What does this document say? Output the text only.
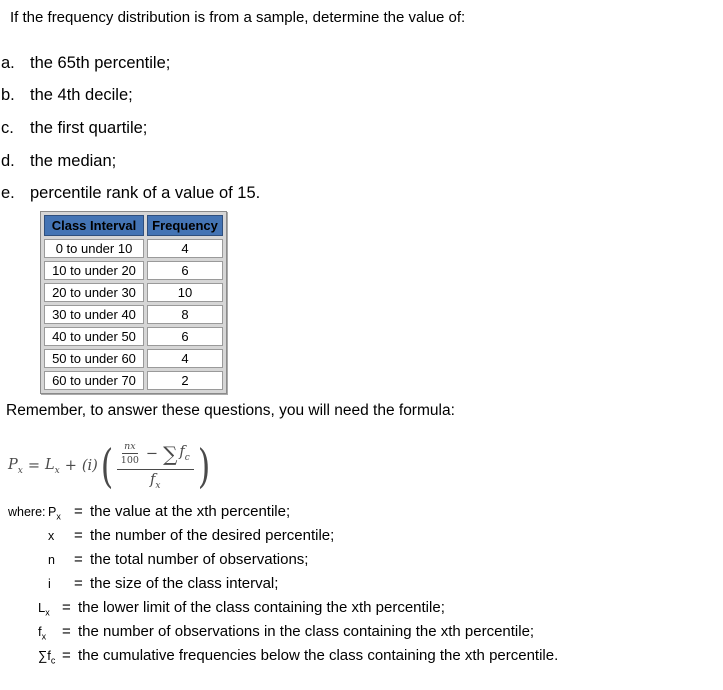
If the frequency distribution is from a sample, determine the value of:
a. the 65th percentile;
b. the 4th decile;
c. the first quartile;
d. the median;
e. percentile rank of a value of 15.
Class Interval	Frequency
0 to under 10	4
10 to under 20	6
20 to under 30	10
30 to under 40	8
40 to under 50	6
50 to under 60	4
60 to under 70	2
Remember, to answer these questions, you will need the formula:
$P_x = L_x + (i)$ ( nx
100 − ∑ $f_c$
$f_x$ )
where: $P_x$ = the value at the xth percentile;
x	= the number of the desired percentile;
n	= the total number of observations;
i	= the size of the class interval;
$L_x$ = the lower limit of the class containing the xth percentile;
$f_x$	= the number of observations in the class containing the xth percentile;
$\sum f_c$ = the cumulative frequencies below the class containing the xth percentile.
